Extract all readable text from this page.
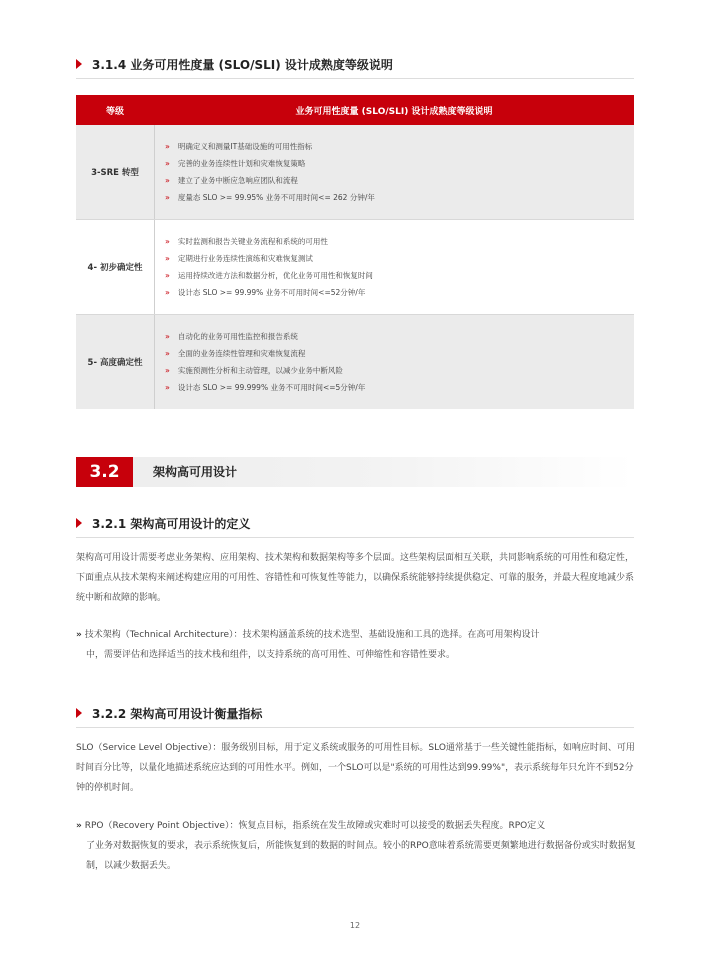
3.1.4 业务可用性度量 (SLO/SLI) 设计成熟度等级说明
等级	业务可用性度量 (SLO/SLI) 设计成熟度等级说明
3-SRE 转型
» 明确定义和测量IT基础设施的可用性指标
» 完善的业务连续性计划和灾难恢复策略
» 建立了业务中断应急响应团队和流程
» 度量态 SLO >= 99.95% 业务不可用时间<= 262 分钟/年
4- 初步确定性
» 实时监测和报告关键业务流程和系统的可用性
» 定期进行业务连续性演练和灾难恢复测试
» 运用持续改进方法和数据分析，优化业务可用性和恢复时间
» 设计态 SLO >= 99.99% 业务不可用时间<=52分钟/年
5- 高度确定性
» 自动化的业务可用性监控和报告系统
» 全面的业务连续性管理和灾难恢复流程
» 实施预测性分析和主动管理，以减少业务中断风险
» 设计态 SLO >= 99.999% 业务不可用时间<=5分钟/年
3.2	架构高可用设计
3.2.1 架构高可用设计的定义

架构高可用设计需要考虑业务架构、应用架构、技术架构和数据架构等多个层面。这些架构层面相互关联，共同影响系统的可用性和稳定性，下面重点从技术架构来阐述构建应用的可用性、容错性和可恢复性等能力，以确保系统能够持续提供稳定、可靠的服务，并最大程度地减少系统中断和故障的影响。

» 技术架构（Technical Architecture）：技术架构涵盖系统的技术选型、基础设施和工具的选择。在高可用架构设计
中，需要评估和选择适当的技术栈和组件，以支持系统的高可用性、可伸缩性和容错性要求。

3.2.2 架构高可用设计衡量指标

SLO（Service Level Objective）：服务级别目标，用于定义系统或服务的可用性目标。SLO通常基于一些关键性能指标，如响应时间、可用时间百分比等，以量化地描述系统应达到的可用性水平。例如，一个SLO可以是"系统的可用性达到99.99%"，表示系统每年只允许不到52分钟的停机时间。

» RPO（Recovery Point Objective）：恢复点目标，指系统在发生故障或灾难时可以接受的数据丢失程度。RPO定义
了业务对数据恢复的要求，表示系统恢复后，所能恢复到的数据的时间点。较小的RPO意味着系统需要更频繁地进行数据备份或实时数据复制，以减少数据丢失。

12
